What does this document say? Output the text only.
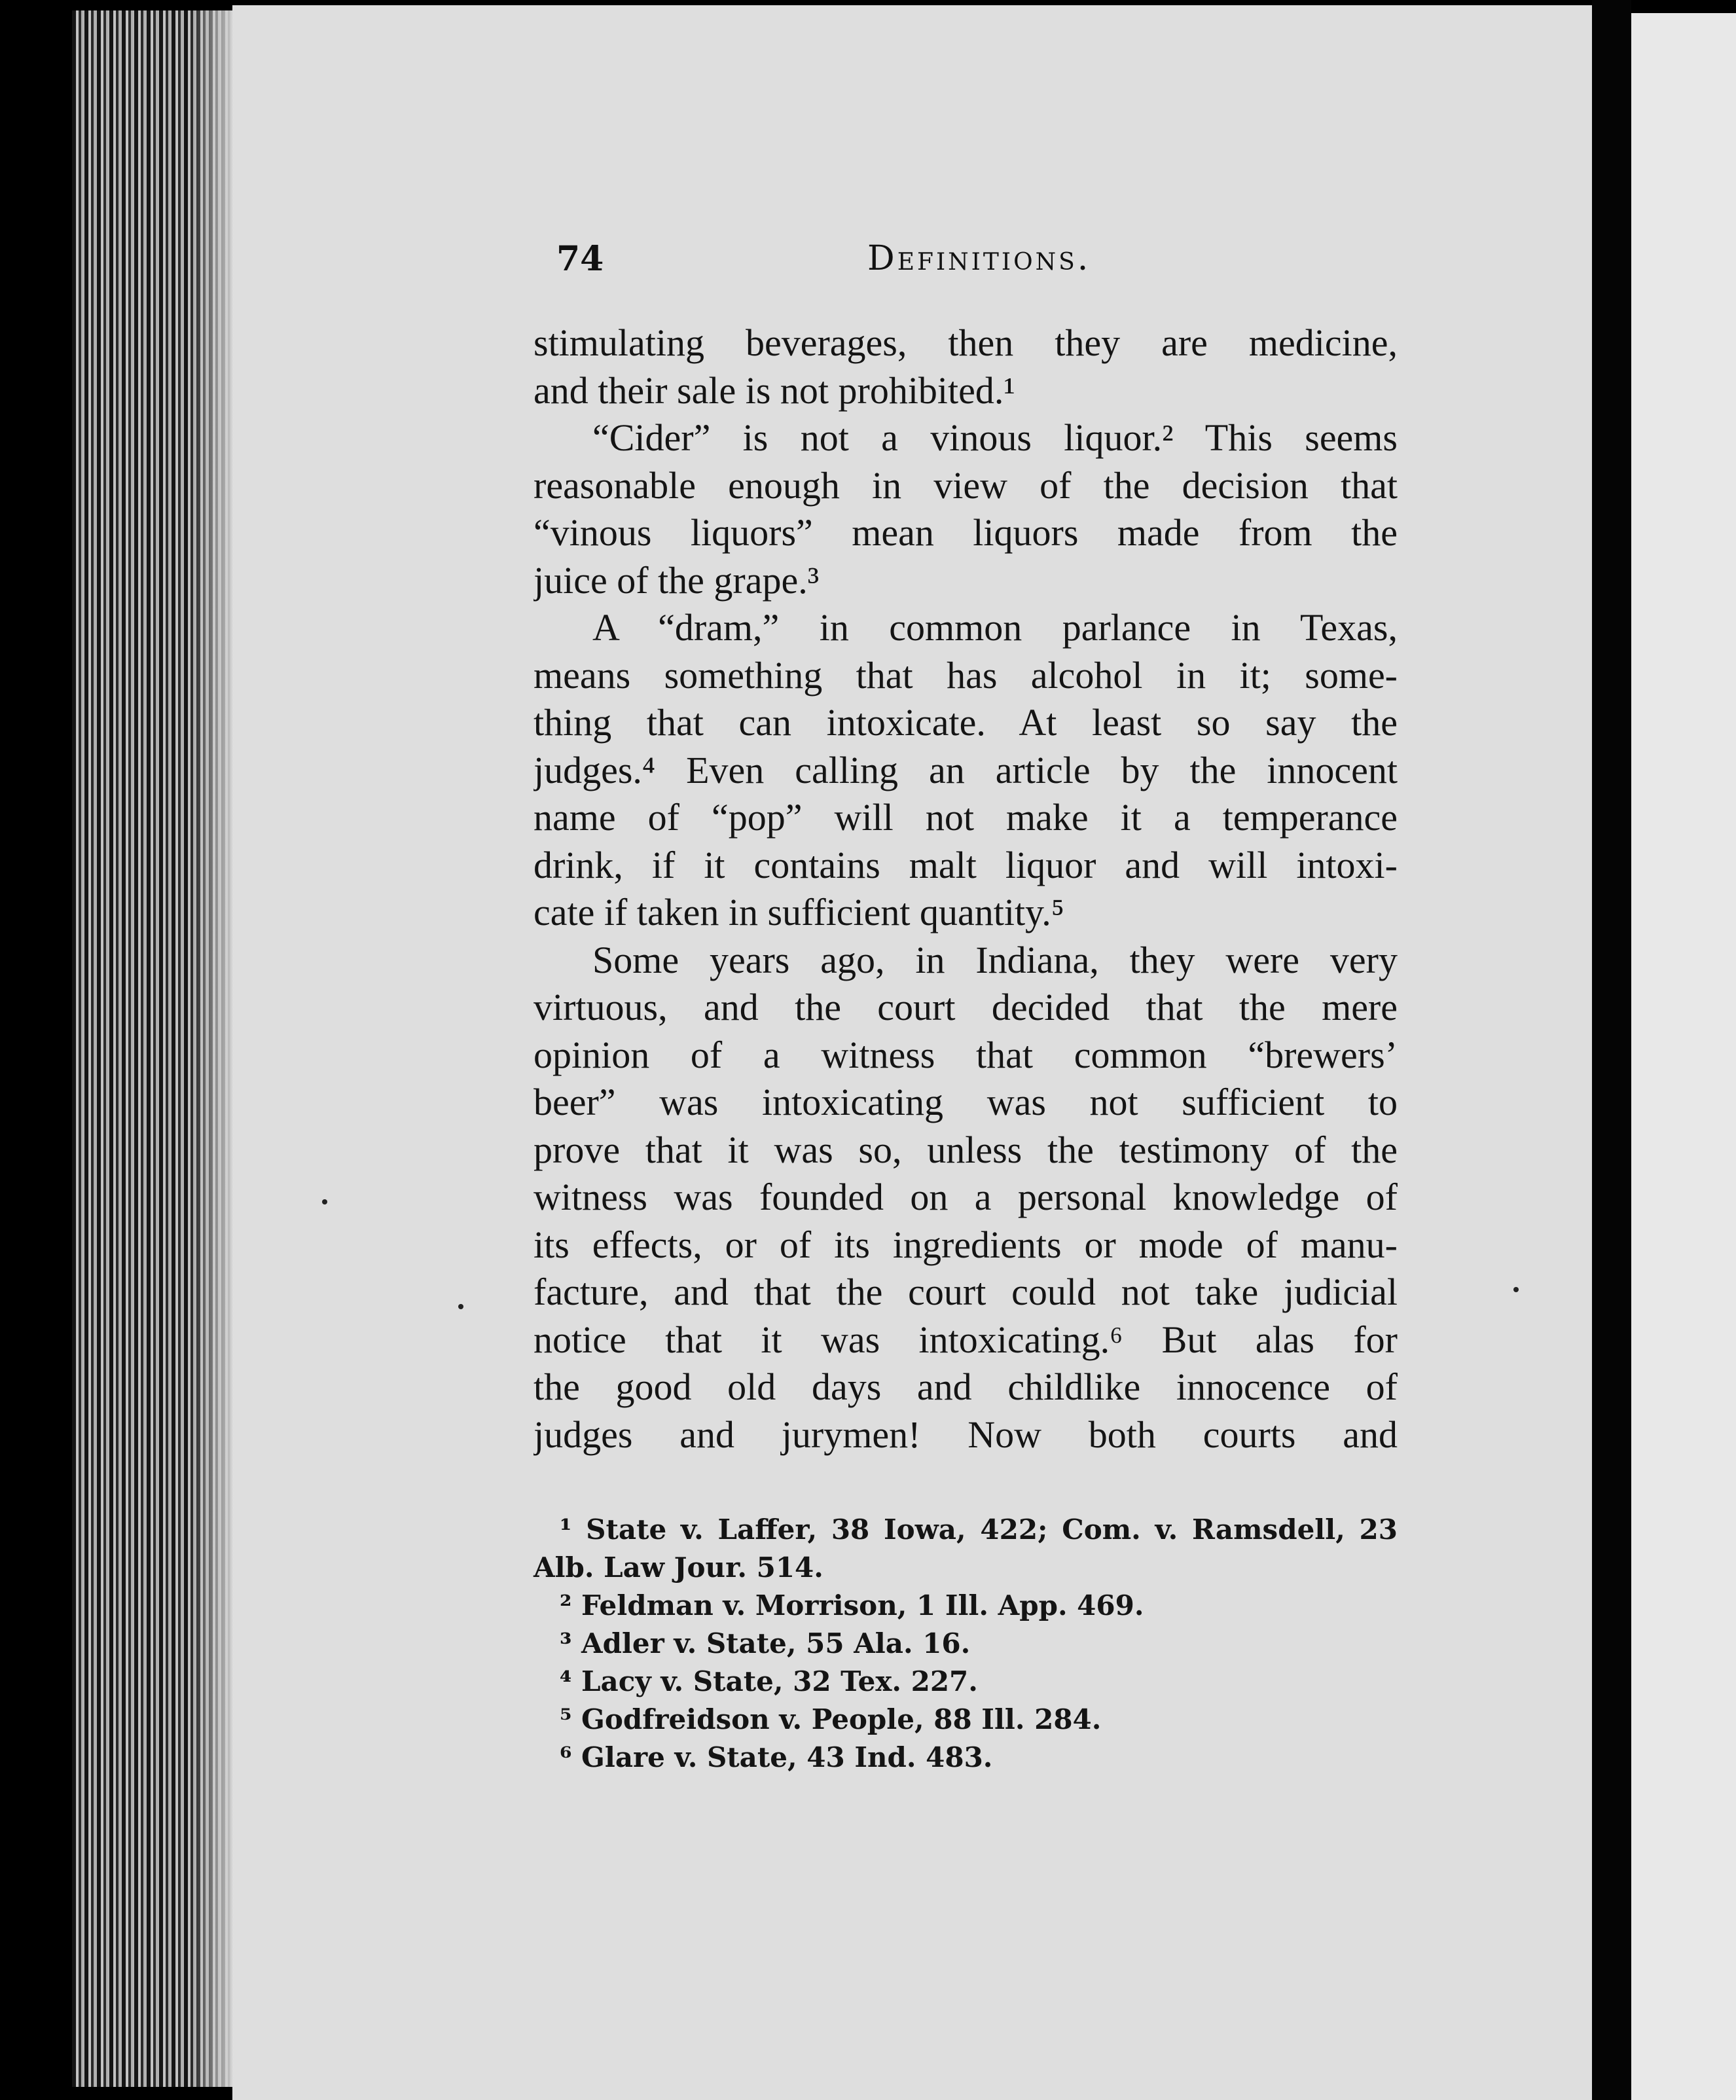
74	Definitions.
stimulating beverages, then they are medicine,
and their sale is not prohibited.¹
“Cider” is not a vinous liquor.² This seems
reasonable enough in view of the decision that
“vinous liquors” mean liquors made from the
juice of the grape.³
A “dram,” in common parlance in Texas,
means something that has alcohol in it; some-
thing that can intoxicate. At least so say the
judges.⁴ Even calling an article by the innocent
name of “pop” will not make it a temperance
drink, if it contains malt liquor and will intoxi-
cate if taken in sufficient quantity.⁵
Some years ago, in Indiana, they were very
virtuous, and the court decided that the mere
opinion of a witness that common “brewers’
beer” was intoxicating was not sufficient to
prove that it was so, unless the testimony of the
witness was founded on a personal knowledge of
its effects, or of its ingredients or mode of manu-
facture, and that the court could not take judicial
notice that it was intoxicating.⁶ But alas for
the good old days and childlike innocence of
judges and jurymen! Now both courts and
¹ State v. Laffer, 38 Iowa, 422; Com. v. Ramsdell, 23
Alb. Law Jour. 514.
² Feldman v. Morrison, 1 Ill. App. 469.
³ Adler v. State, 55 Ala. 16.
⁴ Lacy v. State, 32 Tex. 227.
⁵ Godfreidson v. People, 88 Ill. 284.
⁶ Glare v. State, 43 Ind. 483.
